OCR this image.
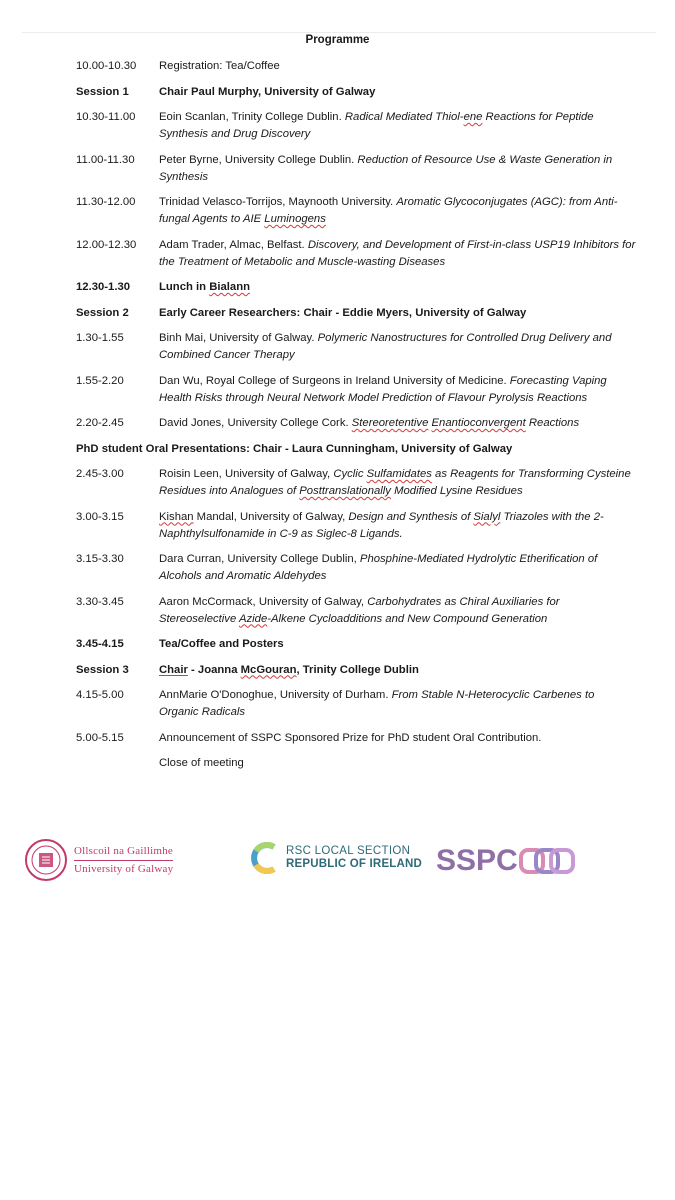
Programme
10.00-10.30	Registration: Tea/Coffee
Session 1	Chair Paul Murphy, University of Galway
10.30-11.00	Eoin Scanlan, Trinity College Dublin. Radical Mediated Thiol-ene Reactions for Peptide Synthesis and Drug Discovery
11.00-11.30	Peter Byrne, University College Dublin. Reduction of Resource Use & Waste Generation in Synthesis
11.30-12.00	Trinidad Velasco-Torrijos, Maynooth University. Aromatic Glycoconjugates (AGC): from Anti-fungal Agents to AIE Luminogens
12.00-12.30	Adam Trader, Almac, Belfast. Discovery, and Development of First-in-class USP19 Inhibitors for the Treatment of Metabolic and Muscle-wasting Diseases
12.30-1.30	Lunch in Bialann
Session 2	Early Career Researchers: Chair - Eddie Myers, University of Galway
1.30-1.55	Binh Mai, University of Galway. Polymeric Nanostructures for Controlled Drug Delivery and Combined Cancer Therapy
1.55-2.20	Dan Wu, Royal College of Surgeons in Ireland University of Medicine. Forecasting Vaping Health Risks through Neural Network Model Prediction of Flavour Pyrolysis Reactions
2.20-2.45	David Jones, University College Cork. Stereoretentive Enantioconvergent Reactions
PhD student Oral Presentations: Chair - Laura Cunningham, University of Galway
2.45-3.00	Roisin Leen, University of Galway, Cyclic Sulfamidates as Reagents for Transforming Cysteine Residues into Analogues of Posttranslationally Modified Lysine Residues
3.00-3.15	Kishan Mandal, University of Galway, Design and Synthesis of Sialyl Triazoles with the 2-Naphthylsulfonamide in C-9 as Siglec-8 Ligands.
3.15-3.30	Dara Curran, University College Dublin, Phosphine-Mediated Hydrolytic Etherification of Alcohols and Aromatic Aldehydes
3.30-3.45	Aaron McCormack, University of Galway, Carbohydrates as Chiral Auxiliaries for Stereoselective Azide-Alkene Cycloadditions and New Compound Generation
3.45-4.15	Tea/Coffee and Posters
Session 3	Chair - Joanna McGouran, Trinity College Dublin
4.15-5.00	AnnMarie O'Donoghue, University of Durham. From Stable N-Heterocyclic Carbenes to Organic Radicals
5.00-5.15	Announcement of SSPC Sponsored Prize for PhD student Oral Contribution.
Close of meeting
Ollscoil na Gaillimhe
University of Galway
RSC LOCAL SECTION
REPUBLIC OF IRELAND SSPC
